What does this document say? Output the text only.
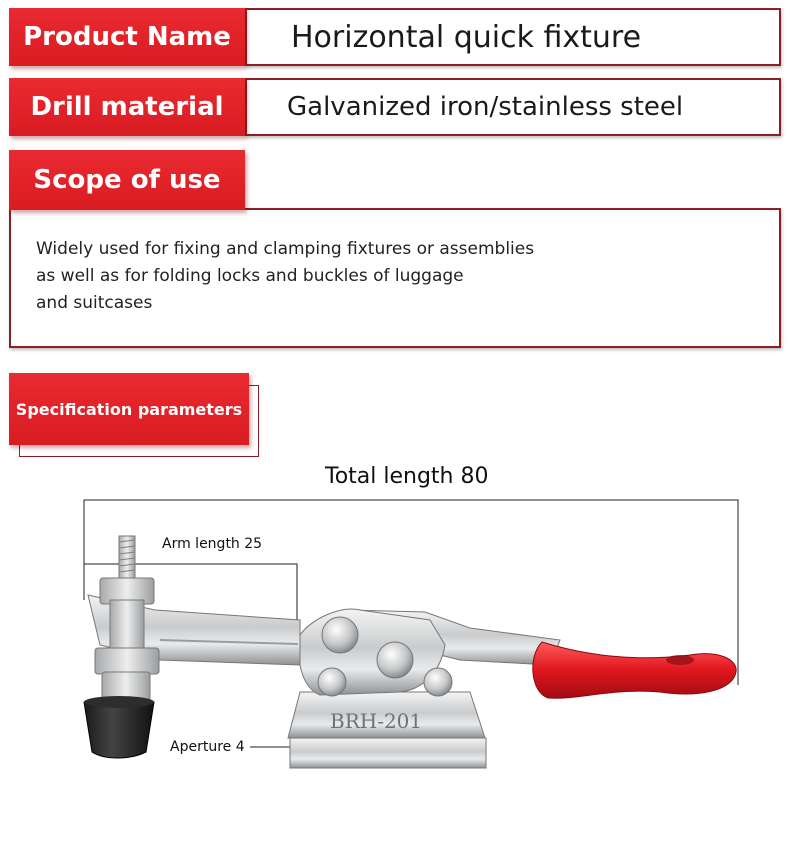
Horizontal quick fixture
Product Name
Galvanized iron/stainless steel
Drill material
Widely used for fixing and clamping fixtures or assemblies
as well as for folding locks and buckles of luggage
and suitcases
Scope of use
Specification parameters
BRH-201
Total length 80
Arm length 25
Aperture 4
